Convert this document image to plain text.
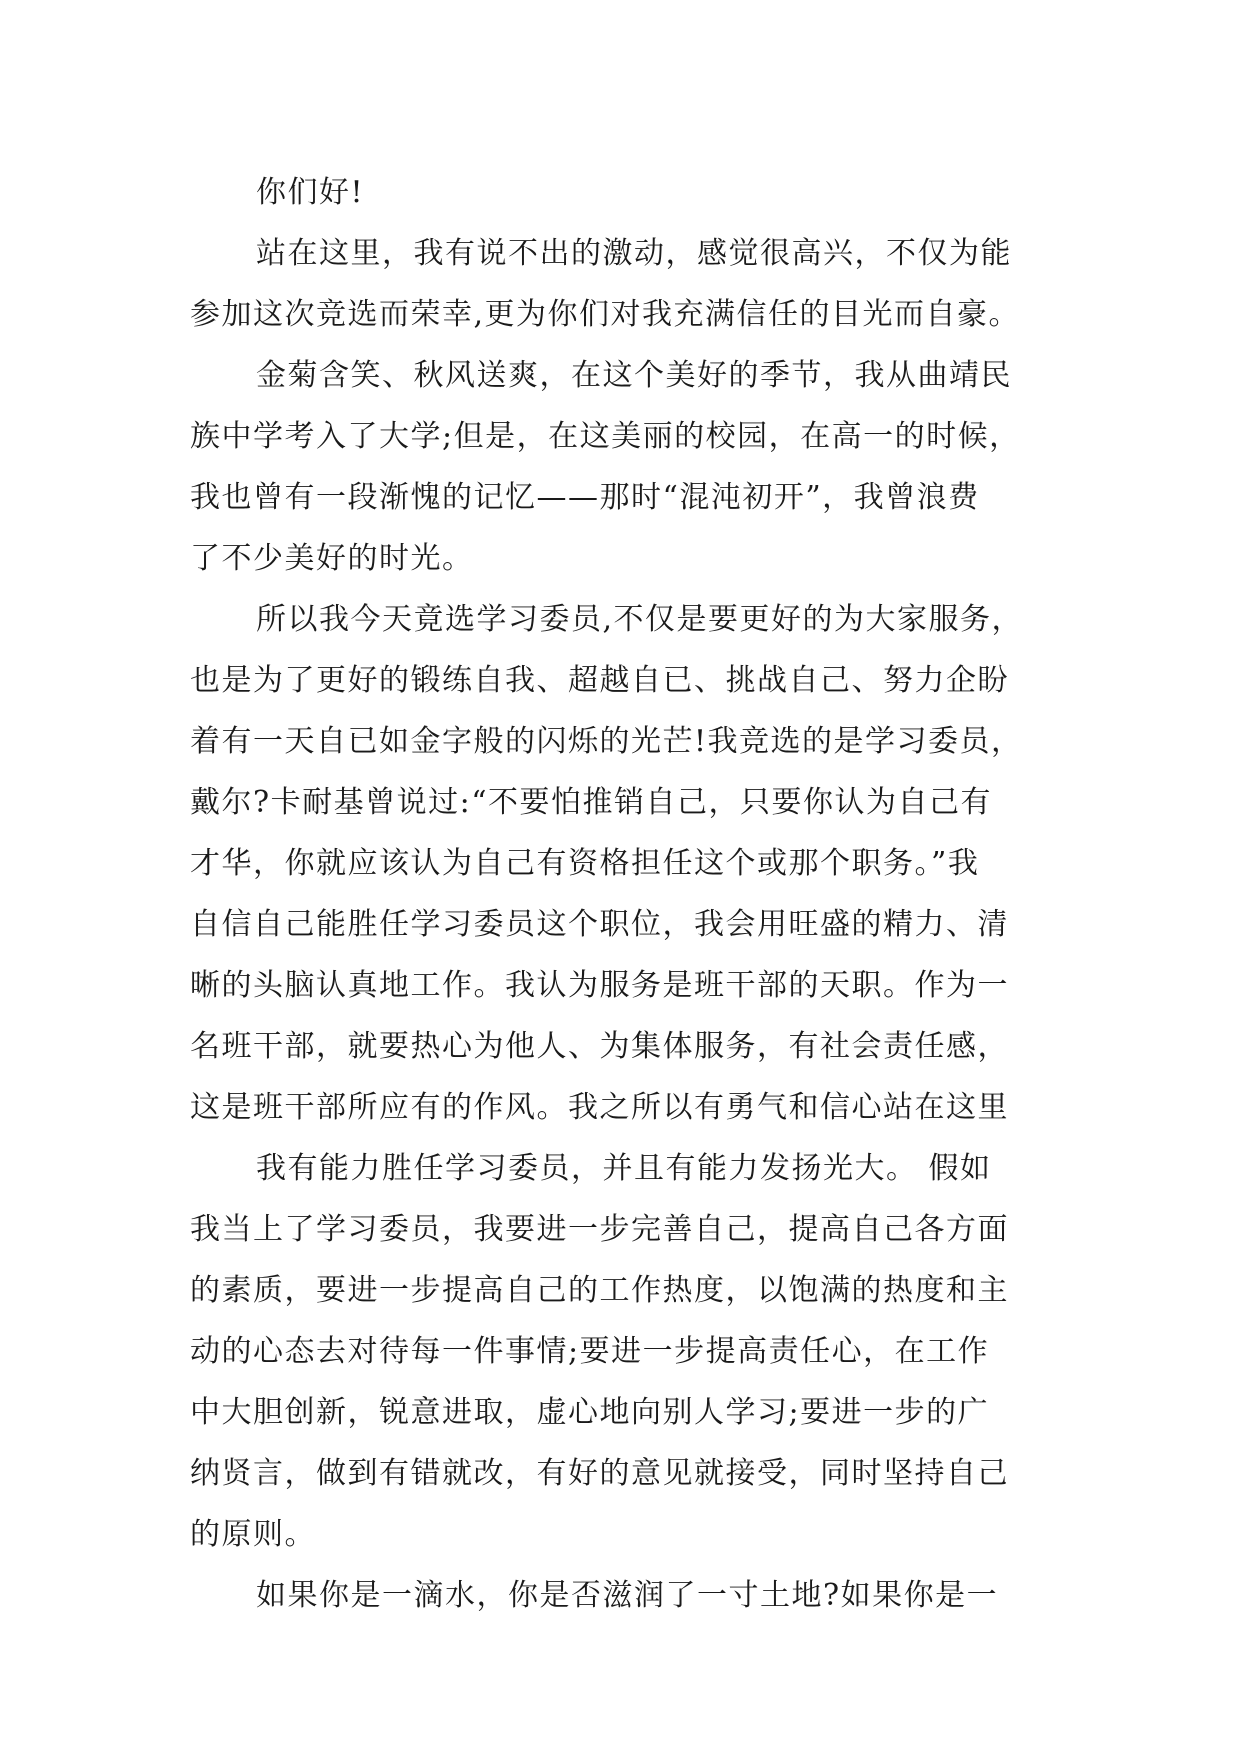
你们好!
站在这里，我有说不出的激动，感觉很高兴，不仅为能
参加这次竞选而荣幸,更为你们对我充满信任的目光而自豪。
金菊含笑、秋风送爽，在这个美好的季节，我从曲靖民
族中学考入了大学;但是，在这美丽的校园，在高一的时候，
我也曾有一段渐愧的记忆——那时“混沌初开”，我曾浪费
了不少美好的时光。
所以我今天竟选学习委员,不仅是要更好的为大家服务，
也是为了更好的锻练自我、超越自已、挑战自己、努力企盼
着有一天自已如金字般的闪烁的光芒!我竞选的是学习委员，
戴尔?卡耐基曾说过:“不要怕推销自己，只要你认为自己有
才华，你就应该认为自己有资格担任这个或那个职务。”我
自信自己能胜任学习委员这个职位，我会用旺盛的精力、清
晰的头脑认真地工作。我认为服务是班干部的天职。作为一
名班干部，就要热心为他人、为集体服务，有社会责任感，
这是班干部所应有的作风。我之所以有勇气和信心站在这里
我有能力胜任学习委员，并且有能力发扬光大。 假如
我当上了学习委员，我要进一步完善自己，提高自己各方面
的素质，要进一步提高自己的工作热度，以饱满的热度和主
动的心态去对待每一件事情;要进一步提高责任心，在工作
中大胆创新，锐意进取，虚心地向别人学习;要进一步的广
纳贤言，做到有错就改，有好的意见就接受，同时坚持自己
的原则。
如果你是一滴水，你是否滋润了一寸土地?如果你是一
